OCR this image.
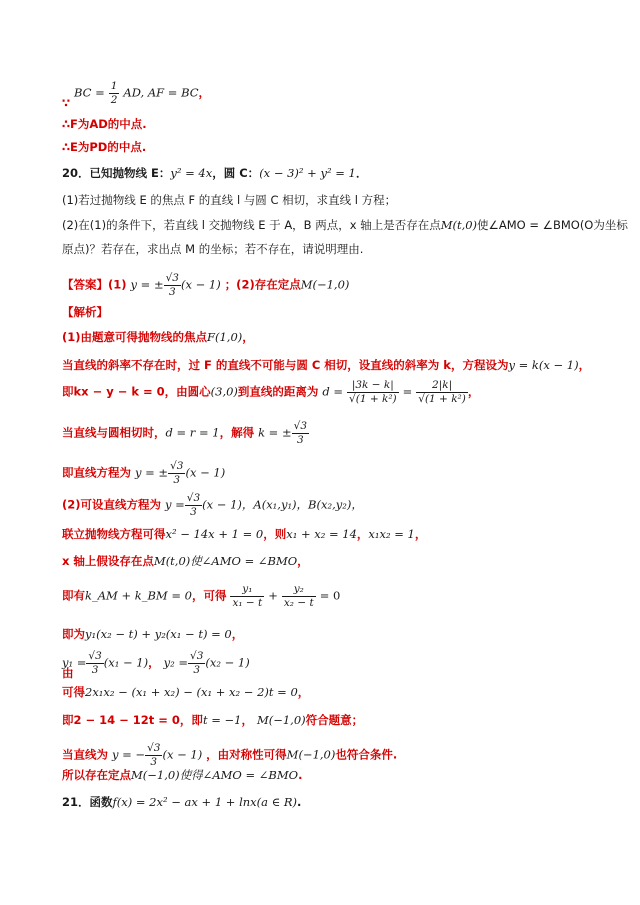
∵ BC = $\frac{1}{2}$ AD, AF = BC，
∴F为AD的中点.
∴E为PD的中点.
20．已知抛物线 E：y² = 4x，圆 C：(x − 3)² + y² = 1．
(1)若过抛物线 E 的焦点 F 的直线 l 与圆 C 相切，求直线 l 方程；
(2)在(1)的条件下，若直线 l 交抛物线 E 于 A，B 两点，x 轴上是否存在点M(t,0)使∠AMO = ∠BMO(O为坐标
原点)？若存在，求出点 M 的坐标；若不存在，请说明理由.
【答案】(1) y = ± $\frac{√3}{3} (x - 1)$ ；(2)存在定点M(−1,0)
【解析】
(1)由题意可得抛物线的焦点F(1,0)，
当直线的斜率不存在时，过 F 的直线不可能与圆 C 相切，设直线的斜率为 k，方程设为y = k(x − 1)，
即kx − y − k = 0，由圆心(3,0)到直线的距离为 $d = \frac{|3k - k|}{\text{√(1 + k²)}} = \frac{2|k|}{\text{√(1 + k²)}}$ ，
当直线与圆相切时，d = r = 1，解得 k = ± $\frac{√3}{3}$
即直线方程为 y = ± $\frac{√3}{3} (x - 1)$
(2)可设直线方程为 $y = \frac{√3}{3} (x - 1)$，A(x₁,y₁)，B(x₂,y₂)，
联立抛物线方程可得x² − 14x + 1 = 0，则x₁ + x₂ = 14，x₁x₂ = 1，
x 轴上假设存在点M(t,0)使∠AMO = ∠BMO，
即有k_AM + k_BM = 0，可得 $\frac{\text{y₁}}{\text{x₁ − t}} + \frac{\text{y₂}}{\text{x₂ − t}} = 0$
即为y₁(x₂ − t) + y₂(x₁ − t) = 0，
$y_1 = \frac{√3}{3} (x_1 - 1)$， $y_2 = \frac{√3}{3} (x_2 - 1)$
由
可得2x₁x₂ − (x₁ + x₂) − (x₁ + x₂ − 2)t = 0，
即2 − 14 − 12t = 0，即t = −1， M(−1,0)符合题意；
当直线为 y = − $\frac{√3}{3} (x - 1)$ ，由对称性可得M(−1,0)也符合条件.
所以存在定点M(−1,0)使得∠AMO = ∠BMO.
21．函数f(x) = 2x² − ax + 1 + lnx(a ∈ R).
